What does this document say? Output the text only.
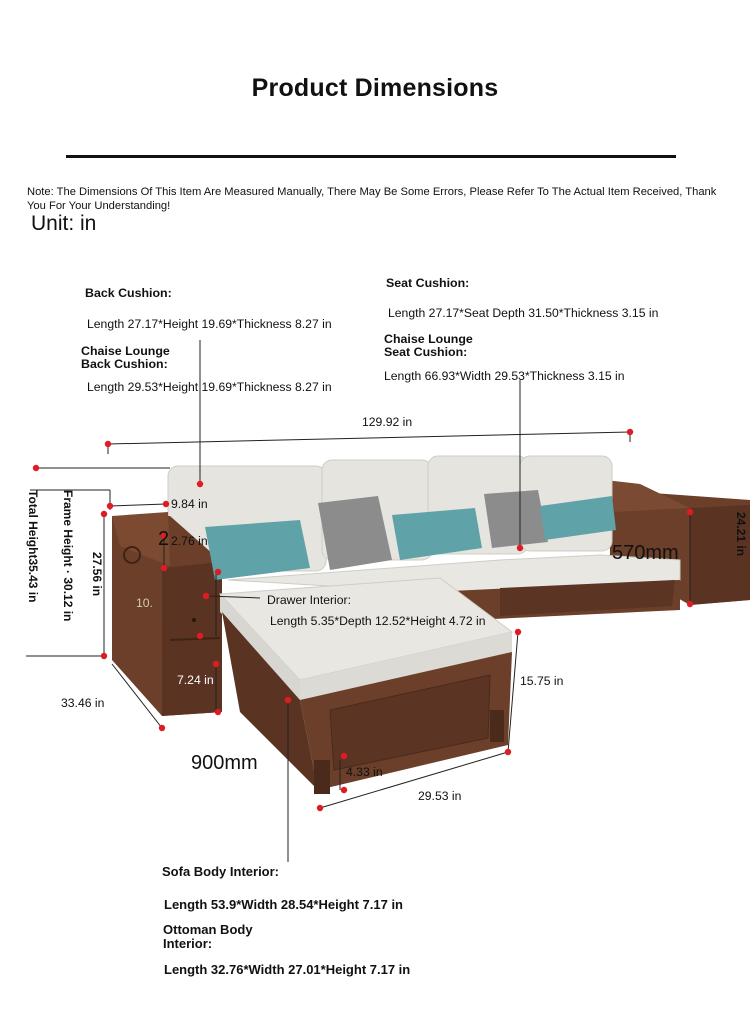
Product Dimensions
Note: The Dimensions Of This Item Are Measured Manually, There May Be Some Errors, Please Refer To The Actual Item Received, Thank You For Your Understanding!
Unit: in
Back Cushion:
Length 27.17*Height 19.69*Thickness 8.27 in
Chaise Lounge
Back Cushion:
Length 29.53*Height 19.69*Thickness 8.27 in
Seat Cushion:
Length 27.17*Seat Depth 31.50*Thickness 3.15 in
Chaise Lounge
Seat Cushion:
Length 66.93*Width 29.53*Thickness 3.15 in
129.92 in
Total Height35.43 in Frame Height · 30.12 in 27.56 in
24.21 in
570mm
9.84 in
2 2.76 in
10.
7.24 in
33.46 in
900mm	4.33 in
29.53 in
15.75 in
Drawer Interior:
Length 5.35*Depth 12.52*Height 4.72 in
Sofa Body Interior:
Length 53.9*Width 28.54*Height 7.17 in
Ottoman Body
Interior:
Length 32.76*Width 27.01*Height 7.17 in
